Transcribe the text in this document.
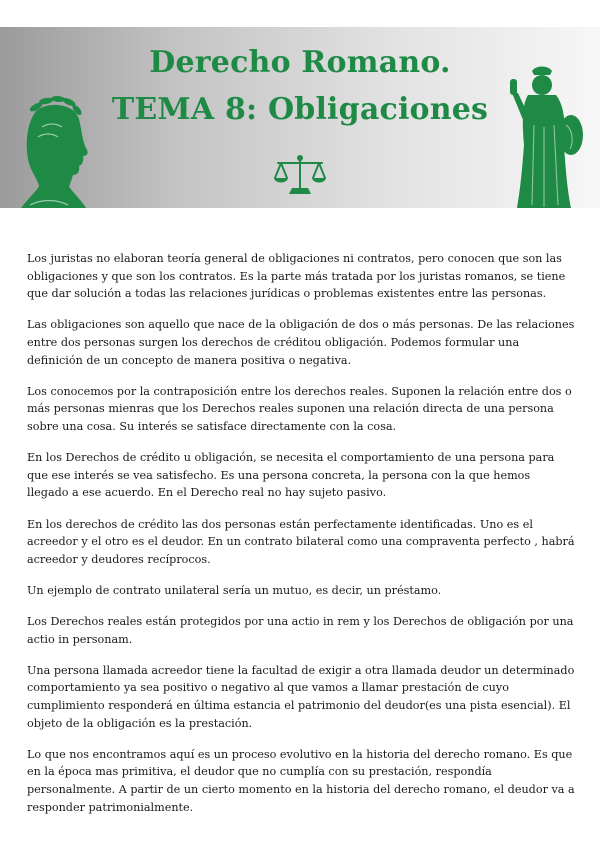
Derecho Romano.
TEMA 8: Obligaciones

Los juristas no elaboran teoría general de obligaciones ni contratos, pero conocen que son las obligaciones y que son los contratos. Es la parte más tratada por los juristas romanos, se tiene que dar solución a todas las relaciones jurídicas o problemas existentes entre las personas.

Las obligaciones son aquello que nace de la obligación de dos o más personas. De las relaciones entre dos personas surgen los derechos de créditou obligación. Podemos formular una definición de un concepto de manera positiva o negativa.

Los conocemos por la contraposición entre los derechos reales. Suponen la relación entre dos o más personas mienras que los Derechos reales suponen una relación directa de una persona sobre una cosa. Su interés se satisface directamente con la cosa.

En los Derechos de crédito u obligación, se necesita el comportamiento de una persona para que ese interés se vea satisfecho. Es una persona concreta, la persona con la que hemos llegado a ese acuerdo. En el Derecho real no hay sujeto pasivo.

En los derechos de crédito las dos personas están perfectamente identificadas. Uno es el acreedor y el otro es el deudor. En un contrato bilateral como una compraventa perfecto , habrá acreedor y deudores recíprocos.

Un ejemplo de contrato unilateral sería un mutuo, es decir, un préstamo.

Los Derechos reales están protegidos por una actio in rem y los Derechos de obligación por una actio in personam.

Una persona llamada acreedor tiene la facultad de exigir a otra llamada deudor un determinado comportamiento ya sea positivo o negativo al que vamos a llamar prestación de cuyo cumplimiento responderá en última estancia el patrimonio del deudor(es una pista esencial). El objeto de la obligación es la prestación.

Lo que nos encontramos aquí es un proceso evolutivo en la historia del derecho romano. Es que en la época mas primitiva, el deudor que no cumplía con su prestación, respondía personalmente. A partir de un cierto momento en la historia del derecho romano, el deudor va a responder patrimonialmente.
